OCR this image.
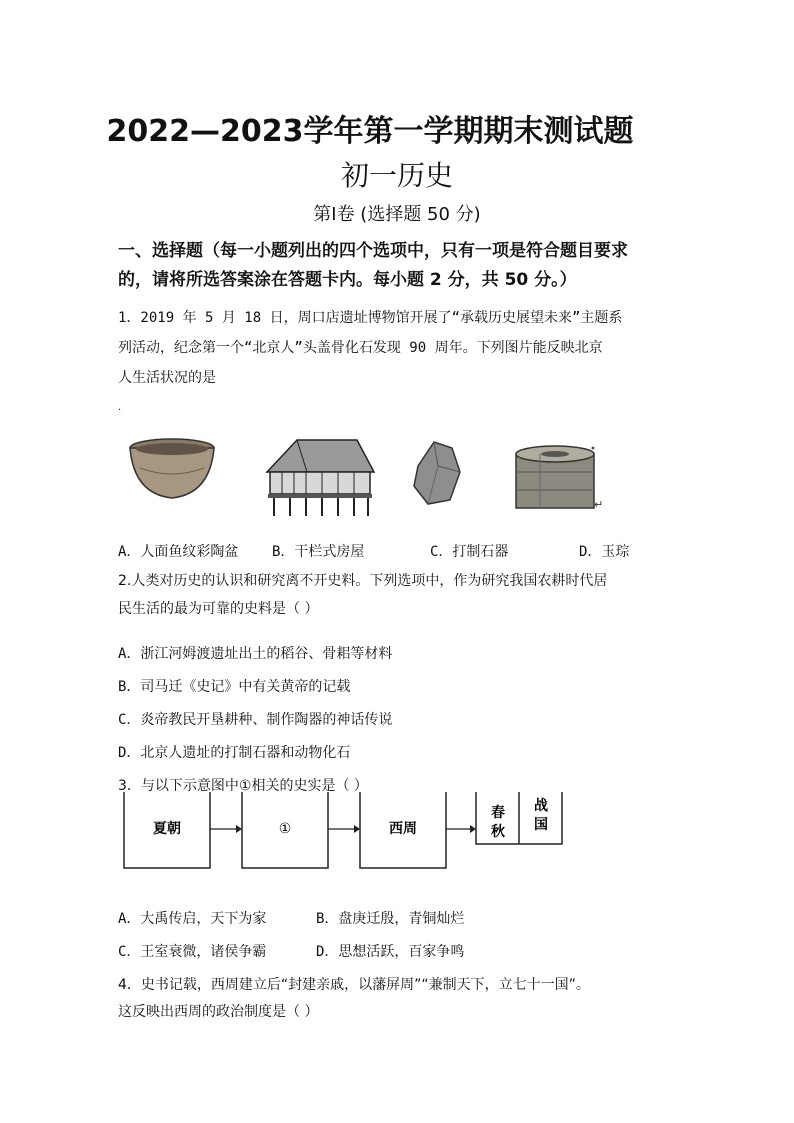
2022—2023学年第一学期期末测试题
初一历史
第Ⅰ卷 (选择题 50 分)
一、选择题（每一小题列出的四个选项中，只有一项是符合题目要求
的，请将所选答案涂在答题卡内。每小题 2 分，共 50 分。）
1．2019 年 5 月 18 日，周口店遗址博物馆开展了“承载历史展望未来”主题系
列活动，纪念第一个“北京人”头盖骨化石发现 90 周年。下列图片能反映北京
人生活状况的是
.
↵
A．人面鱼纹彩陶盆 B．干栏式房屋	C．打制石器	D．玉琮
2.人类对历史的认识和研究离不开史料。下列选项中，作为研究我国农耕时代居
民生活的最为可靠的史料是（ ）
A．浙江河姆渡遗址出土的稻谷、骨耜等材料
B．司马迁《史记》中有关黄帝的记载
C．炎帝教民开垦耕种、制作陶器的神话传说
D．北京人遗址的打制石器和动物化石
3．与以下示意图中①相关的史实是（ ）
夏朝	①	西周
春
秋
战
国
A．大禹传启，天下为家	B．盘庚迁殷，青铜灿烂
C．王室衰微，诸侯争霸	D．思想活跃，百家争鸣
4．史书记载，西周建立后“封建亲戚，以藩屏周”“兼制天下，立七十一国”。
这反映出西周的政治制度是（ ）
